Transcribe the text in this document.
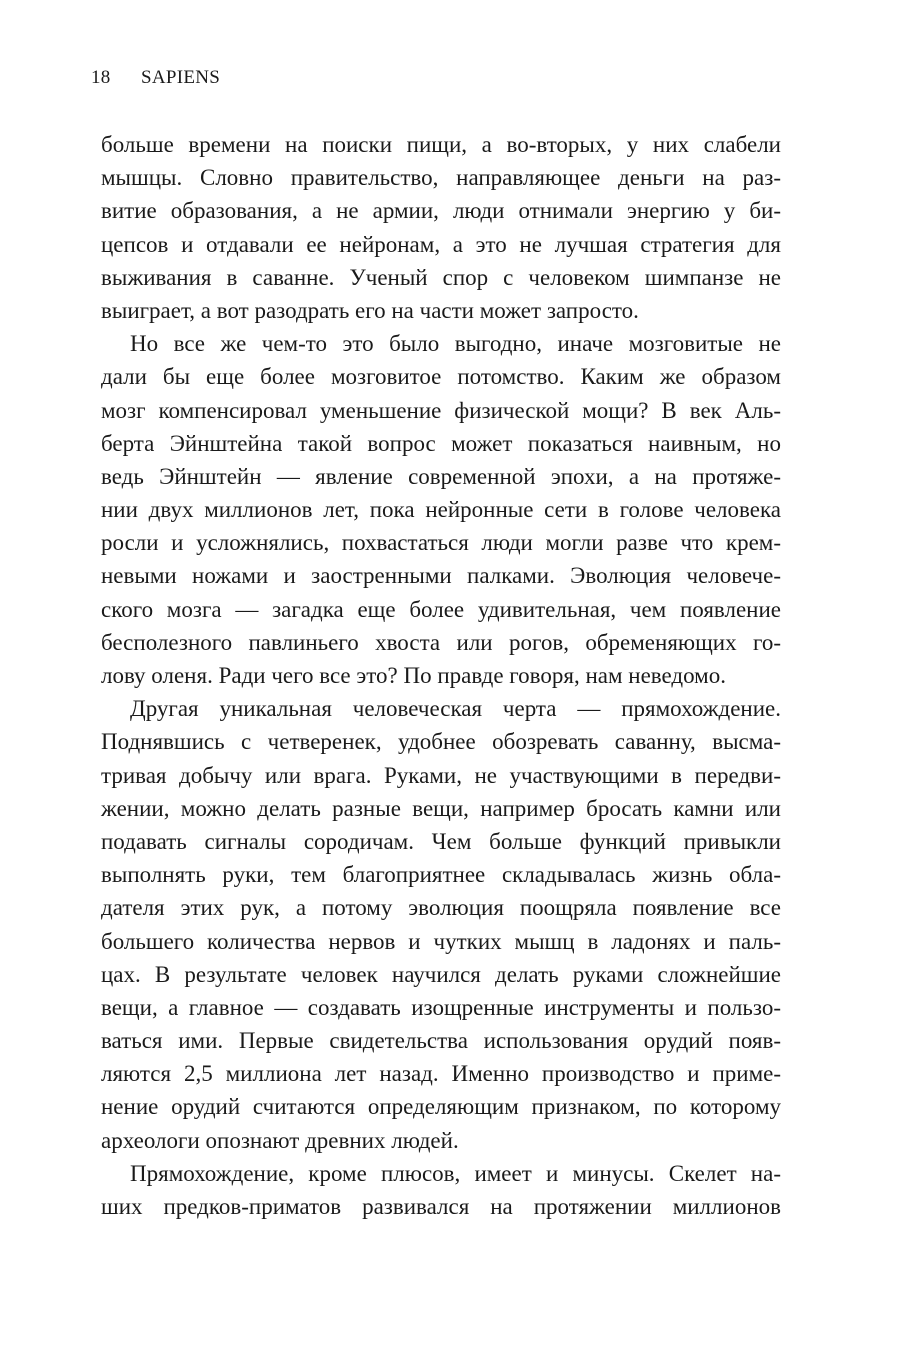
18 SAPIENS
больше времени на поиски пищи, а во-вторых, у них слабели
мышцы. Словно правительство, направляющее деньги на раз-
витие образования, а не армии, люди отнимали энергию у би-
цепсов и отдавали ее нейронам, а это не лучшая стратегия для
выживания в саванне. Ученый спор с человеком шимпанзе не
выиграет, а вот разодрать его на части может запросто.
Но все же чем-то это было выгодно, иначе мозговитые не
дали бы еще более мозговитое потомство. Каким же образом
мозг компенсировал уменьшение физической мощи? В век Аль-
берта Эйнштейна такой вопрос может показаться наивным, но
ведь Эйнштейн — явление современной эпохи, а на протяже-
нии двух миллионов лет, пока нейронные сети в голове человека
росли и усложнялись, похвастаться люди могли разве что крем-
невыми ножами и заостренными палками. Эволюция человече-
ского мозга — загадка еще более удивительная, чем появление
бесполезного павлиньего хвоста или рогов, обременяющих го-
лову оленя. Ради чего все это? По правде говоря, нам неведомо.
Другая уникальная человеческая черта — прямохождение.
Поднявшись с четверенек, удобнее обозревать саванну, высма-
тривая добычу или врага. Руками, не участвующими в передви-
жении, можно делать разные вещи, например бросать камни или
подавать сигналы сородичам. Чем больше функций привыкли
выполнять руки, тем благоприятнее складывалась жизнь обла-
дателя этих рук, а потому эволюция поощряла появление все
большего количества нервов и чутких мышц в ладонях и паль-
цах. В результате человек научился делать руками сложнейшие
вещи, а главное — создавать изощренные инструменты и пользо-
ваться ими. Первые свидетельства использования орудий появ-
ляются 2,5 миллиона лет назад. Именно производство и приме-
нение орудий считаются определяющим признаком, по которому
археологи опознают древних людей.
Прямохождение, кроме плюсов, имеет и минусы. Скелет на-
ших предков-приматов развивался на протяжении миллионов
